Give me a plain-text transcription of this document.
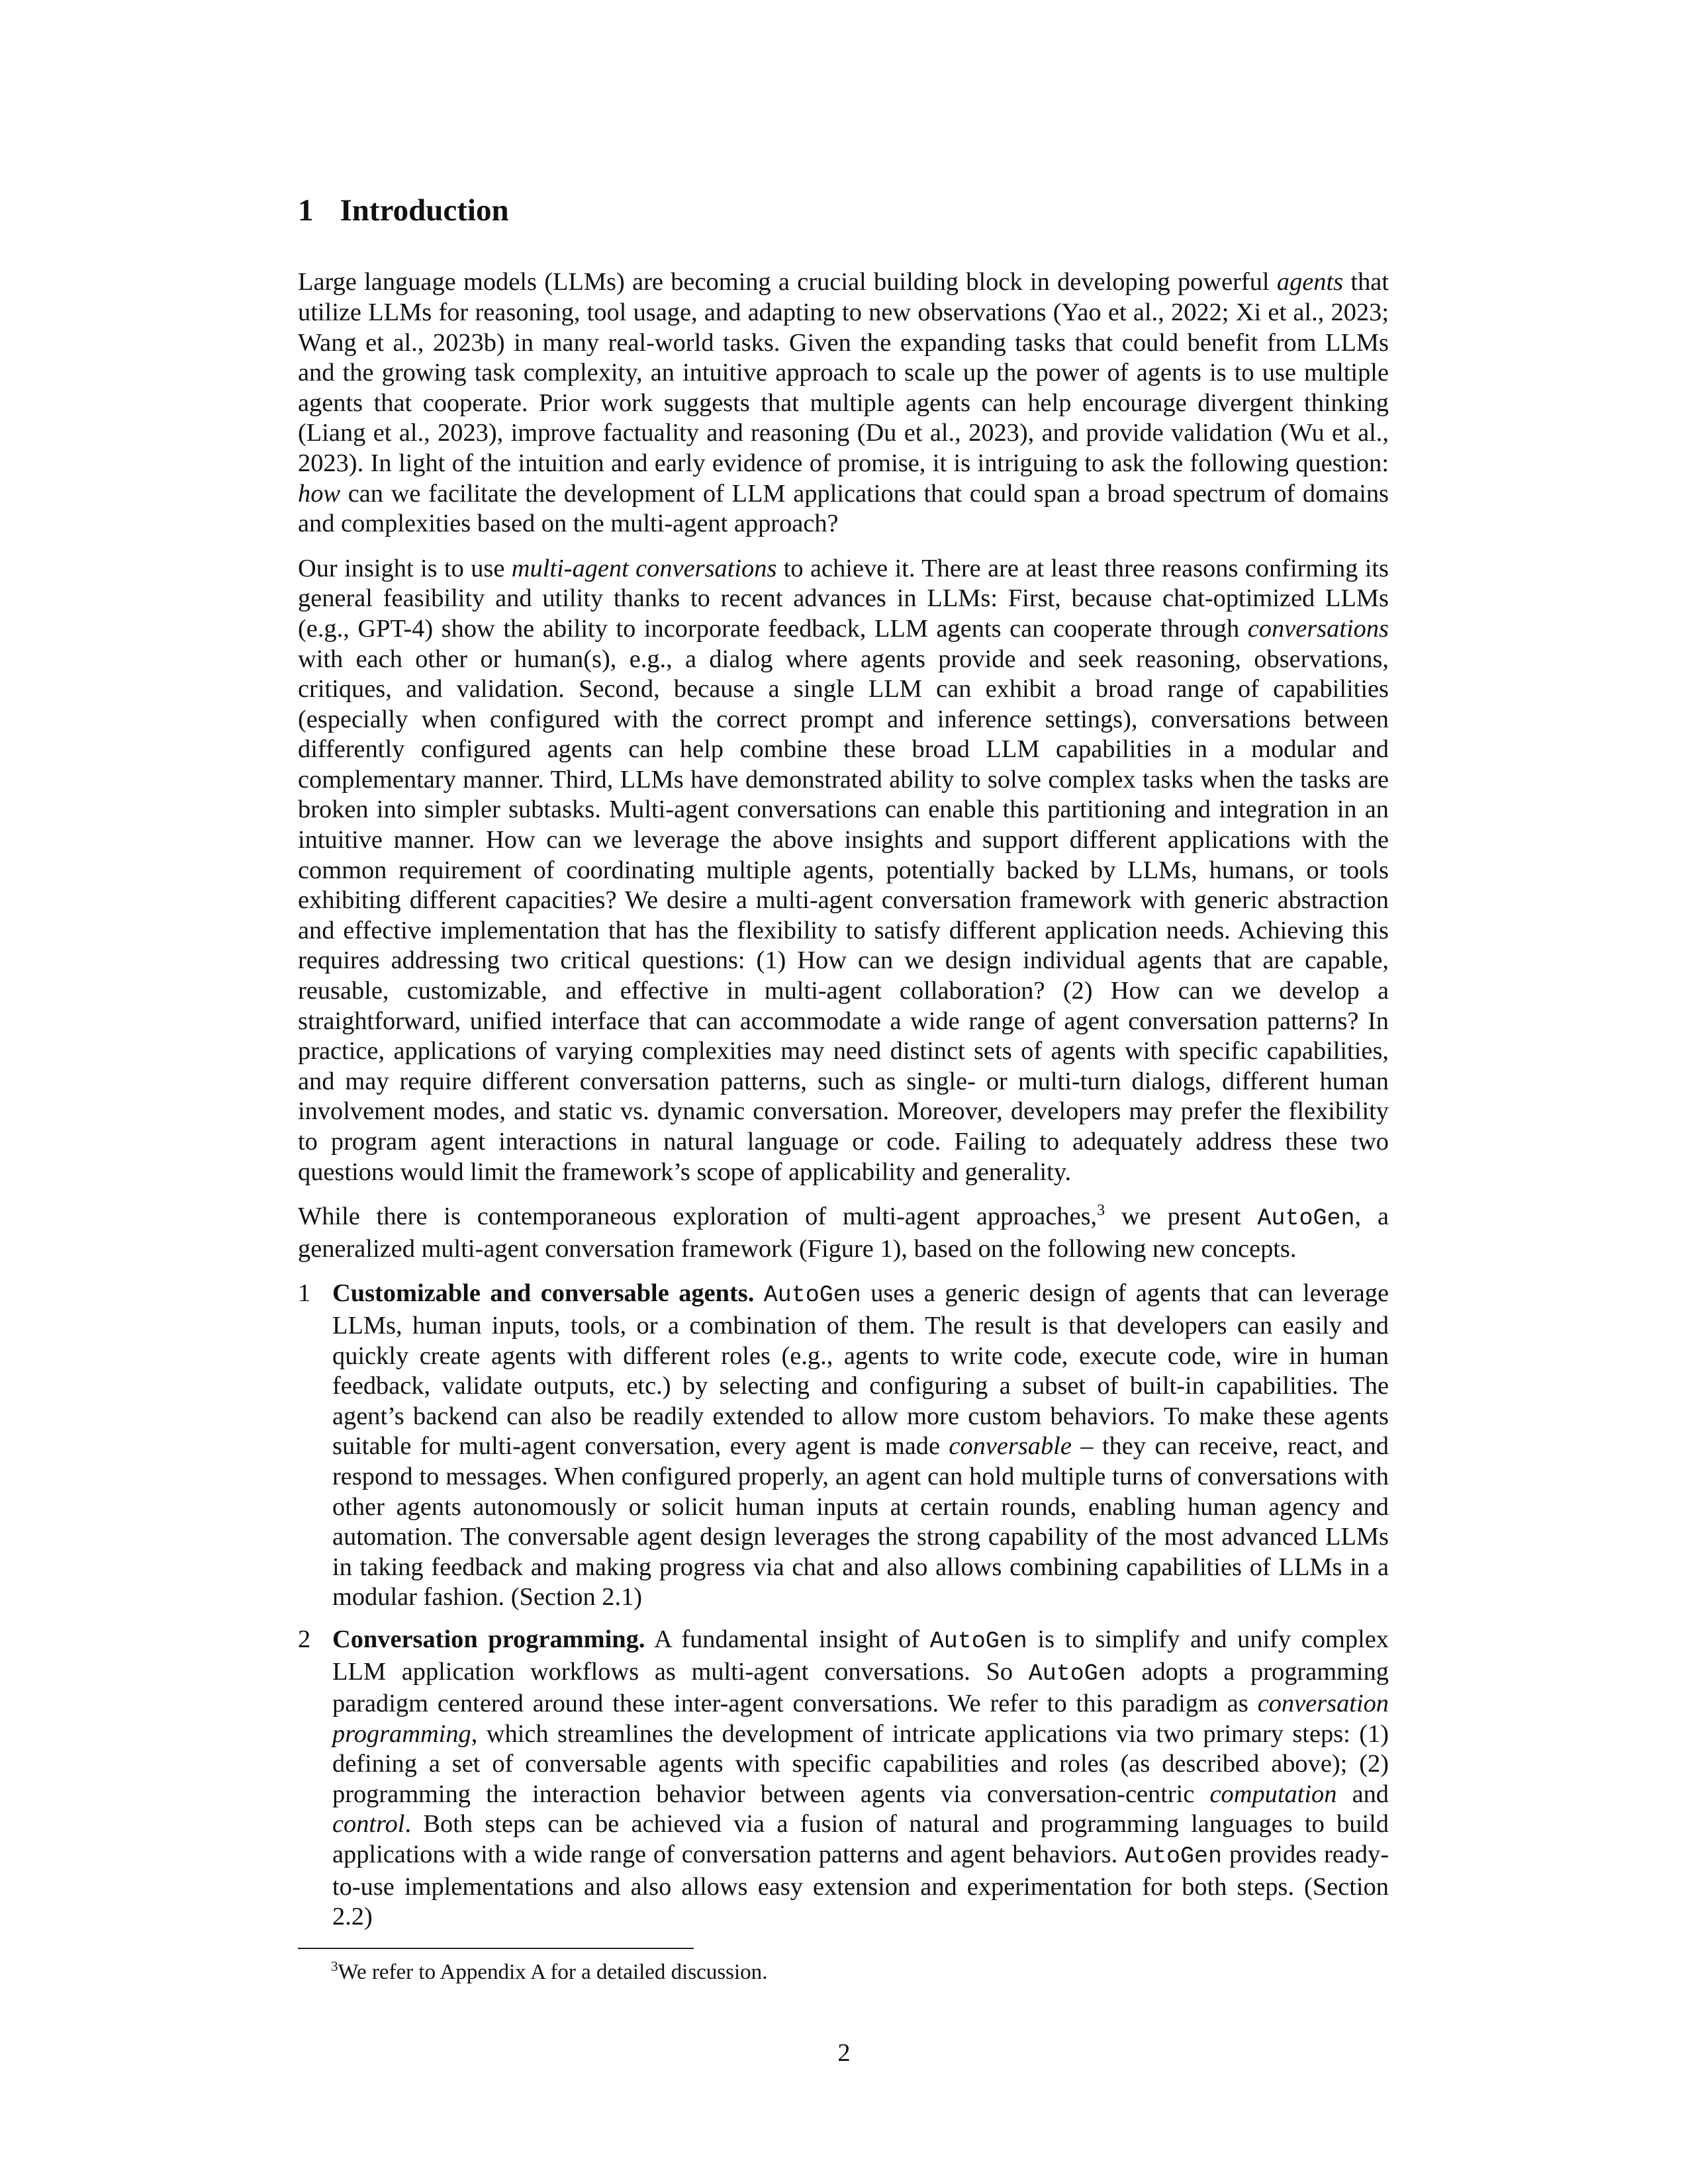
1 Introduction

Large language models (LLMs) are becoming a crucial building block in developing powerful agents that utilize LLMs for reasoning, tool usage, and adapting to new observations (Yao et al., 2022; Xi et al., 2023; Wang et al., 2023b) in many real-world tasks. Given the expanding tasks that could benefit from LLMs and the growing task complexity, an intuitive approach to scale up the power of agents is to use multiple agents that cooperate. Prior work suggests that multiple agents can help encourage divergent thinking (Liang et al., 2023), improve factuality and reasoning (Du et al., 2023), and provide validation (Wu et al., 2023). In light of the intuition and early evidence of promise, it is intriguing to ask the following question: how can we facilitate the development of LLM applications that could span a broad spectrum of domains and complexities based on the multi-agent approach?

Our insight is to use multi-agent conversations to achieve it. There are at least three reasons confirming its general feasibility and utility thanks to recent advances in LLMs: First, because chat-optimized LLMs (e.g., GPT-4) show the ability to incorporate feedback, LLM agents can cooperate through conversations with each other or human(s), e.g., a dialog where agents provide and seek reasoning, observations, critiques, and validation. Second, because a single LLM can exhibit a broad range of capabilities (especially when configured with the correct prompt and inference settings), conversations between differently configured agents can help combine these broad LLM capabilities in a modular and complementary manner. Third, LLMs have demonstrated ability to solve complex tasks when the tasks are broken into simpler subtasks. Multi-agent conversations can enable this partitioning and integration in an intuitive manner. How can we leverage the above insights and support different applications with the common requirement of coordinating multiple agents, potentially backed by LLMs, humans, or tools exhibiting different capacities? We desire a multi-agent conversation framework with generic abstraction and effective implementation that has the flexibility to satisfy different application needs. Achieving this requires addressing two critical questions: (1) How can we design individual agents that are capable, reusable, customizable, and effective in multi-agent collaboration? (2) How can we develop a straightforward, unified interface that can accommodate a wide range of agent conversation patterns? In practice, applications of varying complexities may need distinct sets of agents with specific capabilities, and may require different conversation patterns, such as single- or multi-turn dialogs, different human involvement modes, and static vs. dynamic conversation. Moreover, developers may prefer the flexibility to program agent interactions in natural language or code. Failing to adequately address these two questions would limit the framework’s scope of applicability and generality.

While there is contemporaneous exploration of multi-agent approaches,$^3$ we present AutoGen, a generalized multi-agent conversation framework (Figure 1), based on the following new concepts.

1 Customizable and conversable agents. AutoGen uses a generic design of agents that can leverage LLMs, human inputs, tools, or a combination of them. The result is that developers can easily and quickly create agents with different roles (e.g., agents to write code, execute code, wire in human feedback, validate outputs, etc.) by selecting and configuring a subset of built-in capabilities. The agent’s backend can also be readily extended to allow more custom behaviors. To make these agents suitable for multi-agent conversation, every agent is made conversable – they can receive, react, and respond to messages. When configured properly, an agent can hold multiple turns of conversations with other agents autonomously or solicit human inputs at certain rounds, enabling human agency and automation. The conversable agent design leverages the strong capability of the most advanced LLMs in taking feedback and making progress via chat and also allows combining capabilities of LLMs in a modular fashion. (Section 2.1)
2 Conversation programming. A fundamental insight of AutoGen is to simplify and unify complex LLM application workflows as multi-agent conversations. So AutoGen adopts a programming paradigm centered around these inter-agent conversations. We refer to this paradigm as conversation programming, which streamlines the development of intricate applications via two primary steps: (1) defining a set of conversable agents with specific capabilities and roles (as described above); (2) programming the interaction behavior between agents via conversation-centric computation and control. Both steps can be achieved via a fusion of natural and programming languages to build applications with a wide range of conversation patterns and agent behaviors. AutoGen provides ready-to-use implementations and also allows easy extension and experimentation for both steps. (Section 2.2)
$^3$We refer to Appendix A for a detailed discussion.
2
